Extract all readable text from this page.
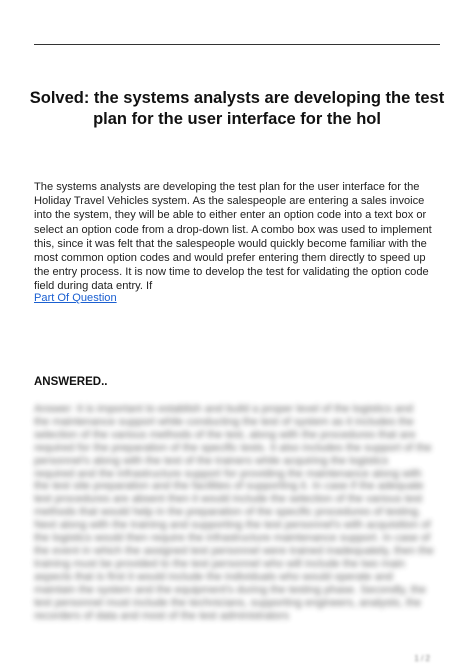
Solved: the systems analysts are developing the test plan for the user interface for the hol
The systems analysts are developing the test plan for the user interface for the
Holiday Travel Vehicles system. As the salespeople are entering a sales invoice
into the system, they will be able to either enter an option code into a text box or
select an option code from a drop-down list. A combo box was used to implement
this, since it was felt that the salespeople would quickly become familiar with the
most common option codes and would prefer entering them directly to speed up
the entry process. It is now time to develop the test for validating the option code
field during data entry. If
Part Of Question
ANSWERED..
Answer: It is important to establish and build a proper level of the logistics and
the maintenance support while conducting the test of system as it includes the
selection of the various methods of the test, along with the procedures that are
required for the preparation of the specific tests. It also includes the support of the
personnel's along with the test of the trainers while acquiring the logistics
required and the infrastructure support for providing the maintenance along with
the test site preparation and the facilities of supporting it. In case if the adequate
test procedures are absent then it would include the selection of the various test
methods that would help in the preparation of the specific procedures of testing.
Next along with the training and supporting the test personnel's with acquisition of
the logistics would then require the infrastructure maintenance support. In case of
the event in which the assigned test personnel were trained inadequately, then the
training must be provided to the test personnel who will include the two main
aspects that is first it would include the individuals who would operate and
maintain the system and the equipment's during the testing phase. Secondly, the
test personnel must include the technicians, supporting engineers, analysts, the
recorders of data and most of the test administrators
1 / 2
